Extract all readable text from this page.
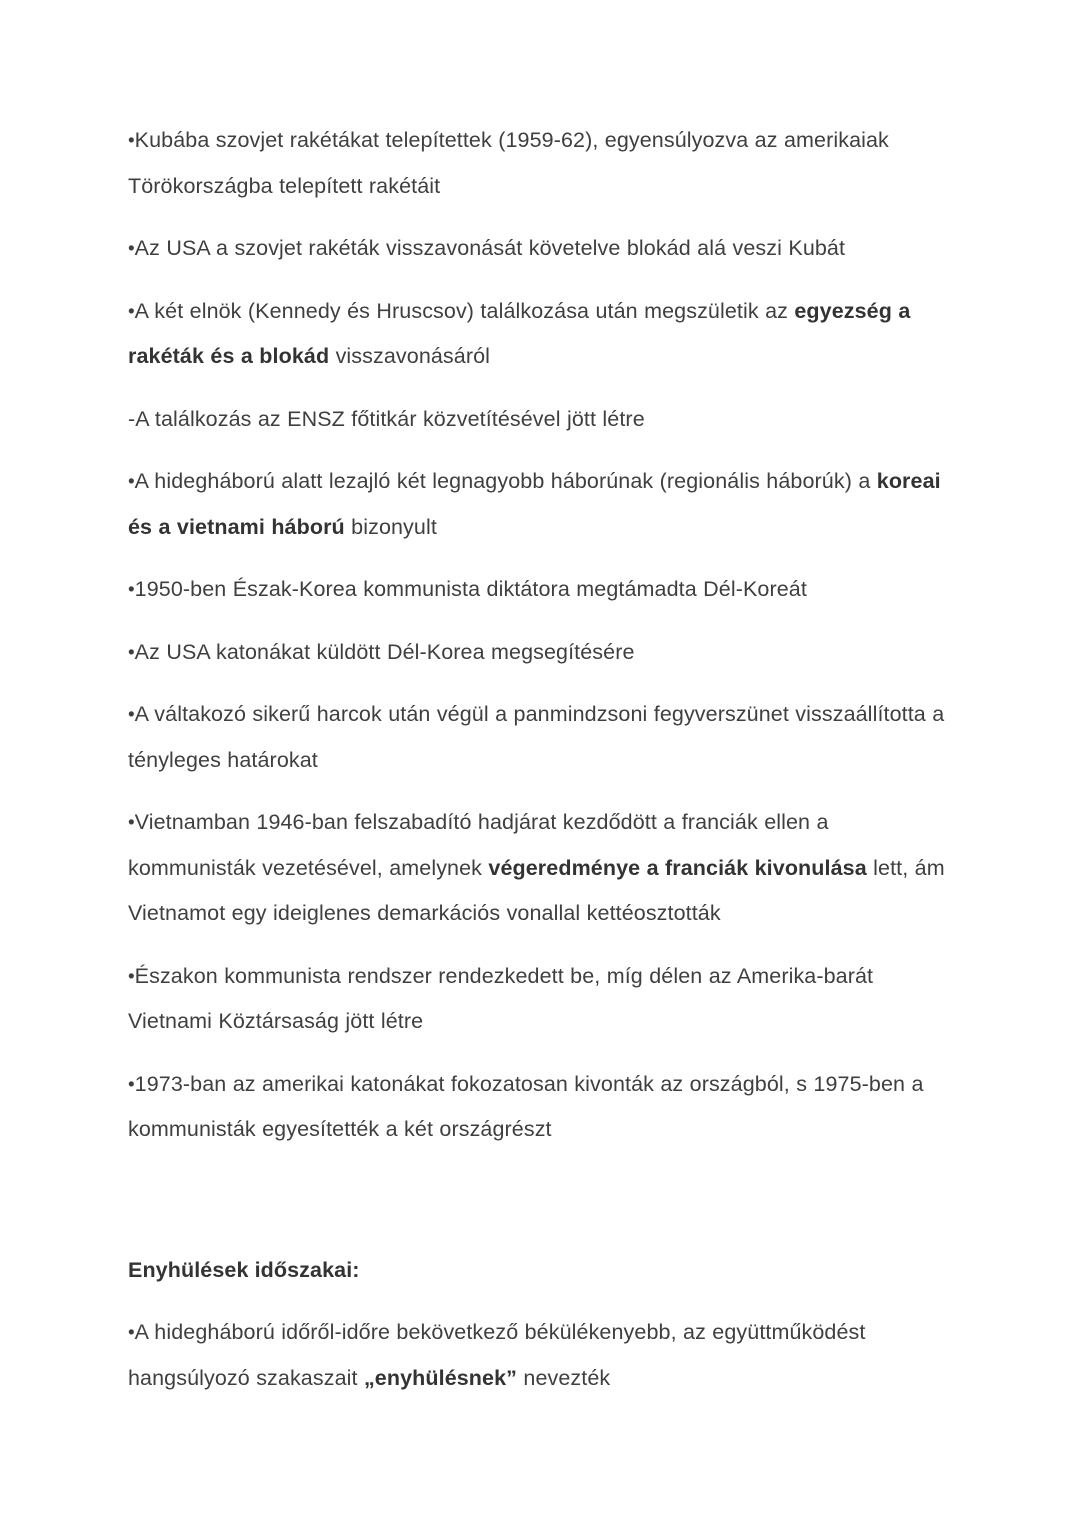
•Kubába szovjet rakétákat telepítettek (1959-62), egyensúlyozva az amerikaiak Törökországba telepített rakétáit

•Az USA a szovjet rakéták visszavonását követelve blokád alá veszi Kubát

•A két elnök (Kennedy és Hruscsov) találkozása után megszületik az egyezség a rakéták és a blokád visszavonásáról

-A találkozás az ENSZ főtitkár közvetítésével jött létre

•A hidegháború alatt lezajló két legnagyobb háborúnak (regionális háborúk) a koreai és a vietnami háború bizonyult

•1950-ben Észak-Korea kommunista diktátora megtámadta Dél-Koreát

•Az USA katonákat küldött Dél-Korea megsegítésére

•A váltakozó sikerű harcok után végül a panmindzsoni fegyverszünet visszaállította a tényleges határokat

•Vietnamban 1946-ban felszabadító hadjárat kezdődött a franciák ellen a kommunisták vezetésével, amelynek végeredménye a franciák kivonulása lett, ám Vietnamot egy ideiglenes demarkációs vonallal kettéosztották

•Északon kommunista rendszer rendezkedett be, míg délen az Amerika-barát Vietnami Köztársaság jött létre

•1973-ban az amerikai katonákat fokozatosan kivonták az országból, s 1975-ben a kommunisták egyesítették a két országrészt

Enyhülések időszakai:

•A hidegháború időről-időre bekövetkező békülékenyebb, az együttműködést hangsúlyozó szakaszait „enyhülésnek” nevezték
